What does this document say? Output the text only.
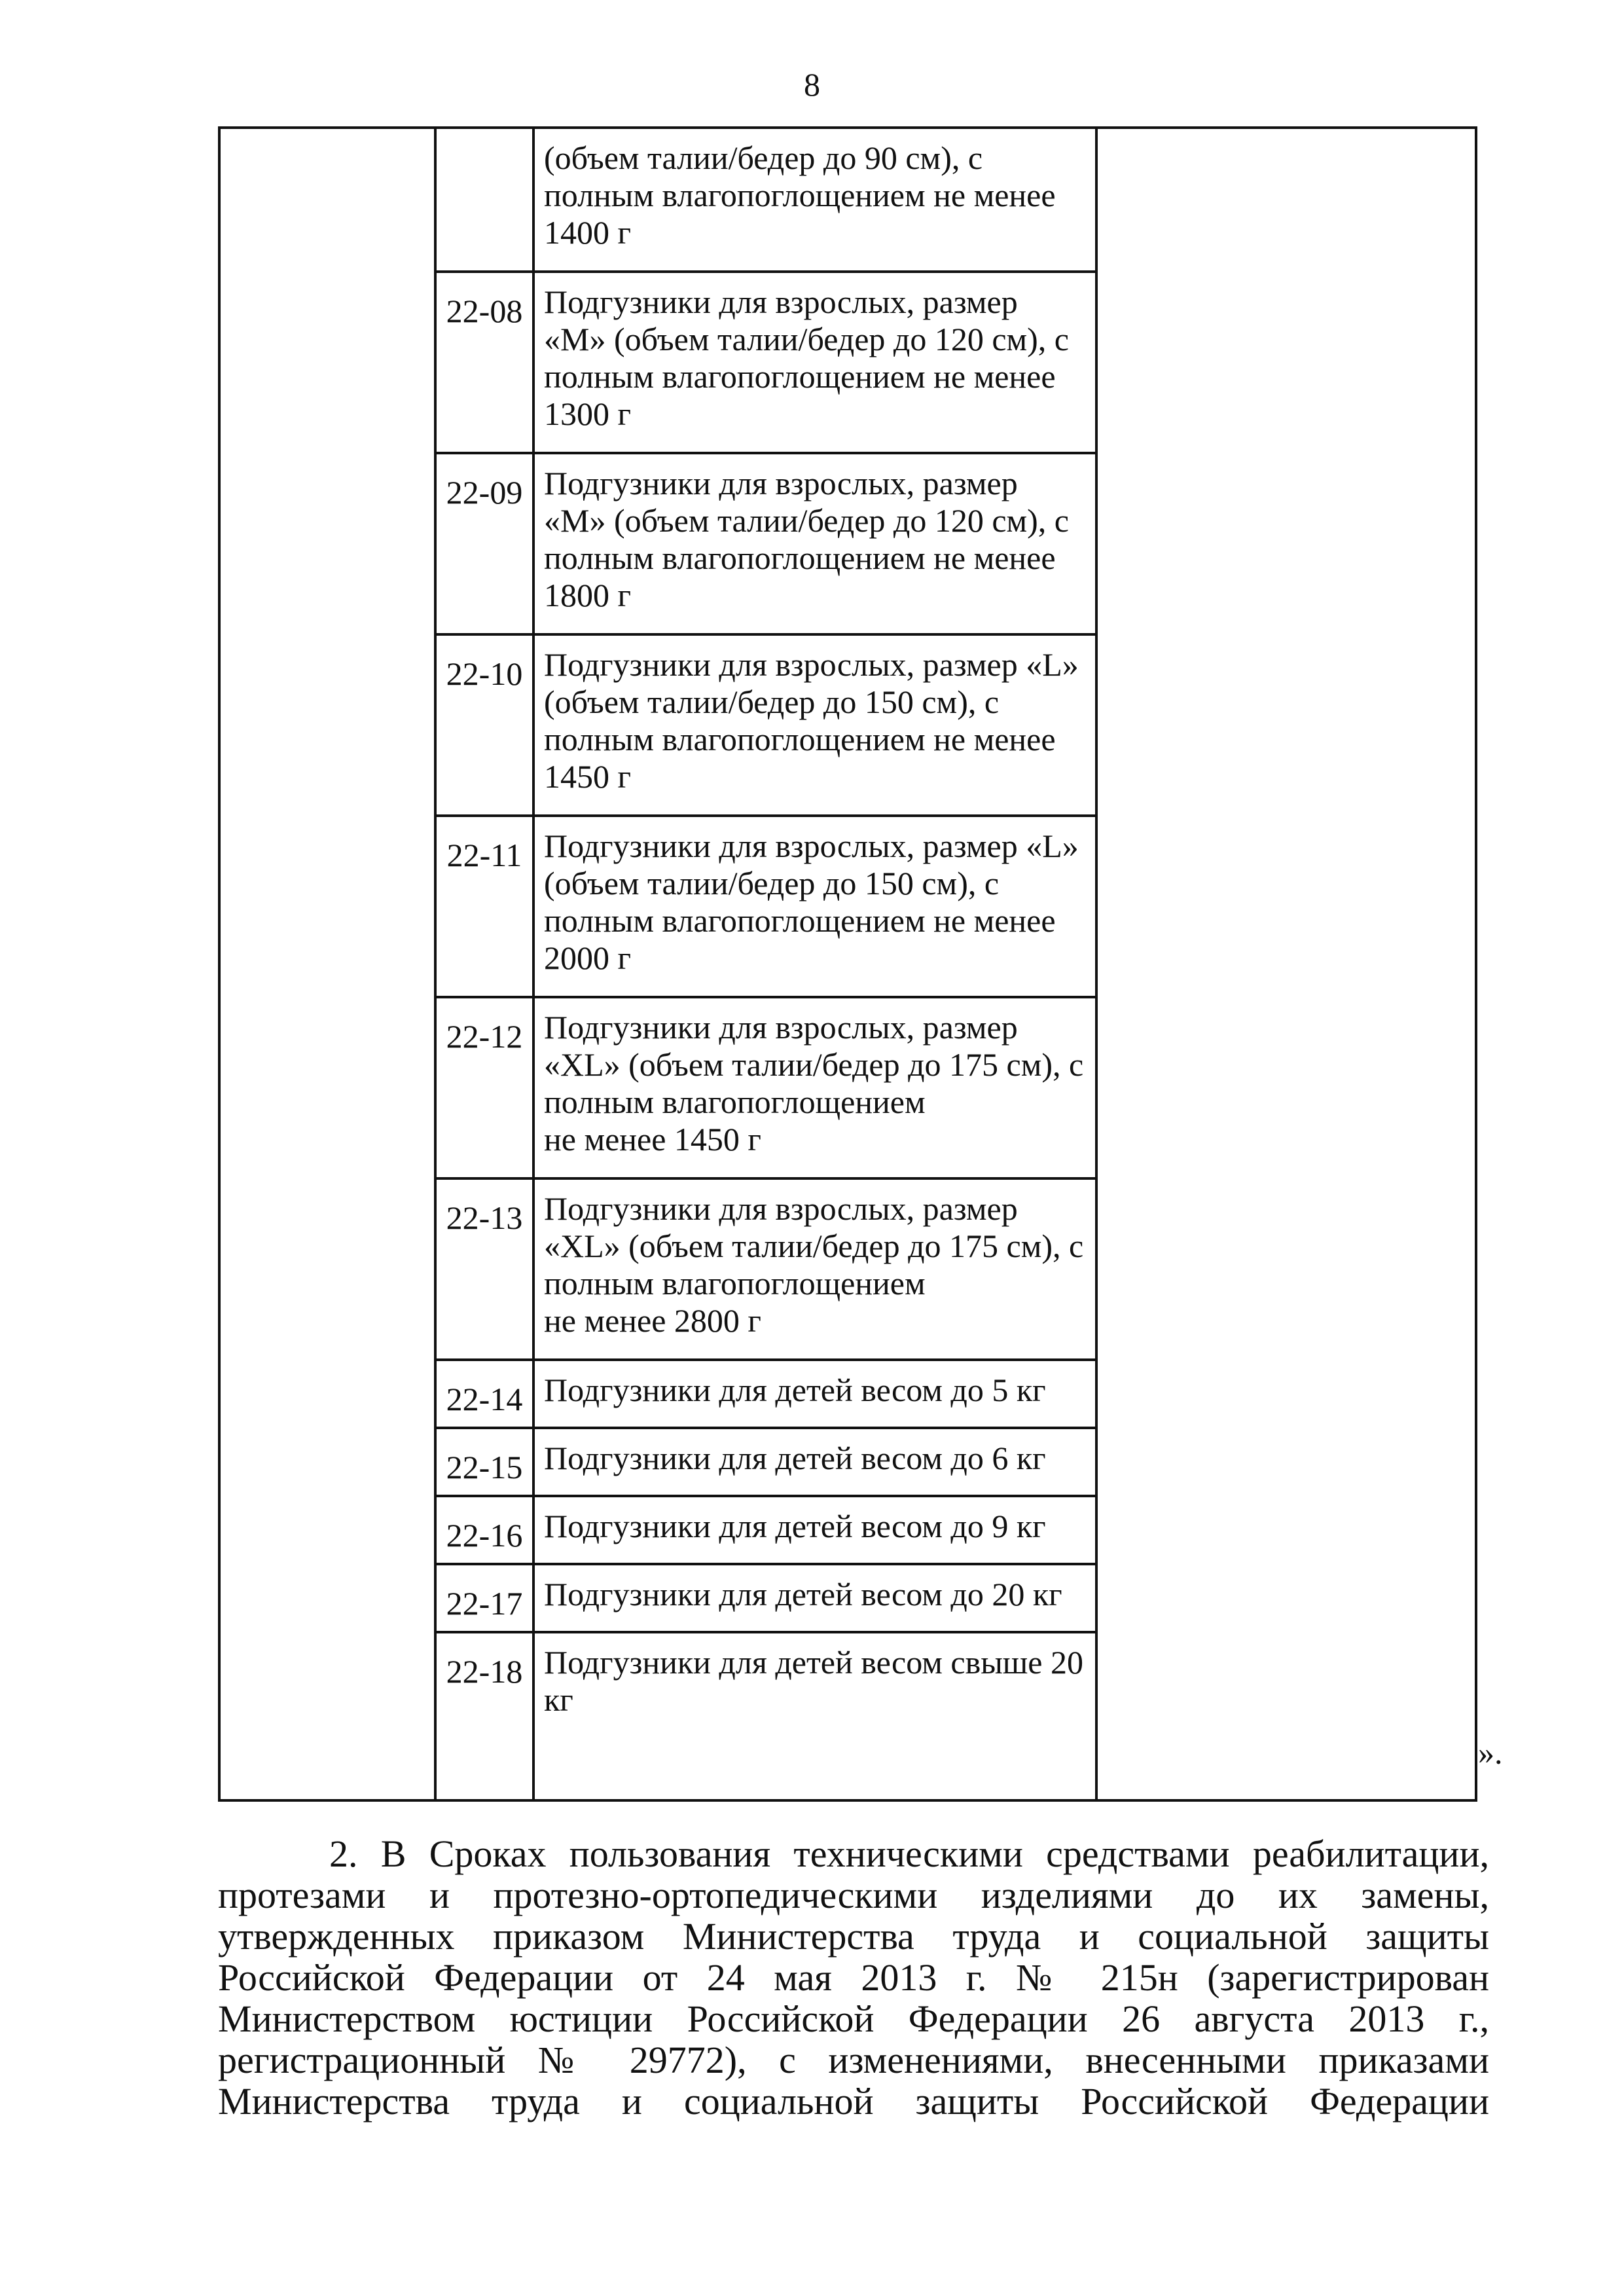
8

		(объем талии/бедер до 90 см), с
полным влагопоглощением не менее
1400 г	

	22-08	Подгузники для взрослых, размер
«М» (объем талии/бедер до 120 см), с
полным влагопоглощением не менее
1300 г	

	22-09	Подгузники для взрослых, размер
«М» (объем талии/бедер до 120 см), с
полным влагопоглощением не менее
1800 г	

	22-10	Подгузники для взрослых, размер «L»
(объем талии/бедер до 150 см), с
полным влагопоглощением не менее
1450 г	

	22-11	Подгузники для взрослых, размер «L»
(объем талии/бедер до 150 см), с
полным влагопоглощением не менее
2000 г	

	22-12	Подгузники для взрослых, размер
«XL» (объем талии/бедер до 175 см), с
полным влагопоглощением
не менее 1450 г	

	22-13	Подгузники для взрослых, размер
«XL» (объем талии/бедер до 175 см), с
полным влагопоглощением
не менее 2800 г	

	22-14	Подгузники для детей весом до 5 кг	

	22-15	Подгузники для детей весом до 6 кг	

	22-16	Подгузники для детей весом до 9 кг	

	22-17	Подгузники для детей весом до 20 кг	

	22-18	Подгузники для детей весом свыше 20
кг	
».
2. В Сроках пользования техническими средствами реабилитации,
протезами и протезно-ортопедическими изделиями до их замены,
утвержденных приказом Министерства труда и социальной защиты
Российской Федерации от 24 мая 2013 г. № 215н (зарегистрирован
Министерством юстиции Российской Федерации 26 августа 2013 г.,
регистрационный № 29772), с изменениями, внесенными приказами
Министерства труда и социальной защиты Российской Федерации
